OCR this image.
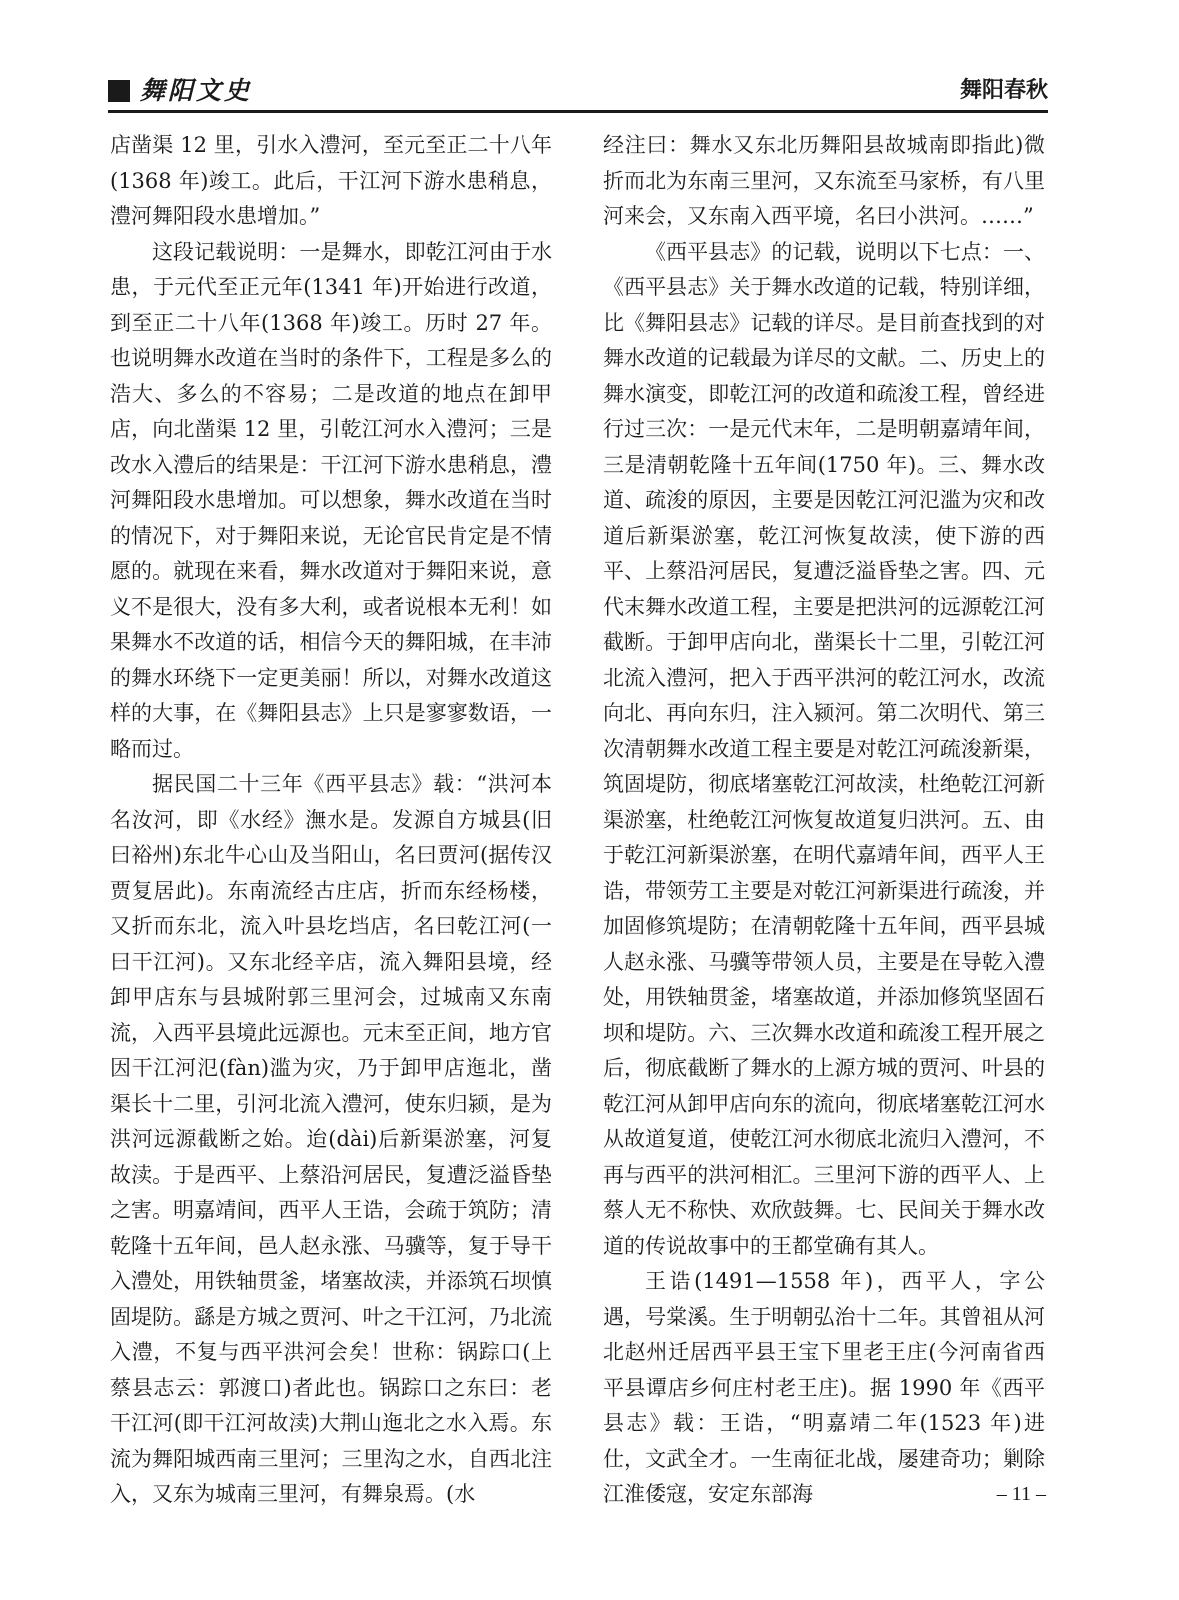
舞阳文史	舞阳春秋

店凿渠 12 里，引水入澧河，至元至正二十八年(1368 年)竣工。此后，干江河下游水患稍息，澧河舞阳段水患增加。”

这段记载说明：一是舞水，即乾江河由于水患，于元代至正元年(1341 年)开始进行改道，到至正二十八年(1368 年)竣工。历时 27 年。也说明舞水改道在当时的条件下，工程是多么的浩大、多么的不容易；二是改道的地点在卸甲店，向北凿渠 12 里，引乾江河水入澧河；三是改水入澧后的结果是：干江河下游水患稍息，澧河舞阳段水患增加。可以想象，舞水改道在当时的情况下，对于舞阳来说，无论官民肯定是不情愿的。就现在来看，舞水改道对于舞阳来说，意义不是很大，没有多大利，或者说根本无利！如果舞水不改道的话，相信今天的舞阳城，在丰沛的舞水环绕下一定更美丽！所以，对舞水改道这样的大事，在《舞阳县志》上只是寥寥数语，一略而过。

据民国二十三年《西平县志》载：“洪河本名汝河，即《水经》潕水是。发源自方城县(旧曰裕州)东北牛心山及当阳山，名曰贾河(据传汉贾复居此)。东南流经古庄店，折而东经杨楼，又折而东北，流入叶县圪垱店，名曰乾江河(一曰干江河)。又东北经辛店，流入舞阳县境，经卸甲店东与县城附郭三里河会，过城南又东南流，入西平县境此远源也。元末至正间，地方官因干江河氾(fàn)滥为灾，乃于卸甲店迤北，凿渠长十二里，引河北流入澧河，使东归颍，是为洪河远源截断之始。迨(dài)后新渠淤塞，河复故渎。于是西平、上蔡沿河居民，复遭泛溢昏垫之害。明嘉靖间，西平人王诰，会疏于筑防；清乾隆十五年间，邑人赵永涨、马骥等，复于导干入澧处，用铁轴贯釜，堵塞故渎，并添筑石坝慎固堤防。繇是方城之贾河、叶之干江河，乃北流入澧，不复与西平洪河会矣！世称：锅踪口(上蔡县志云：郭渡口)者此也。锅踪口之东曰：老干江河(即干江河故渎)大荆山迤北之水入焉。东流为舞阳城西南三里河；三里沟之水，自西北注入，又东为城南三里河，有舞泉焉。(水

经注曰：舞水又东北历舞阳县故城南即指此)微折而北为东南三里河，又东流至马家桥，有八里河来会，又东南入西平境，名曰小洪河。……”

《西平县志》的记载，说明以下七点：一、《西平县志》关于舞水改道的记载，特别详细，比《舞阳县志》记载的详尽。是目前查找到的对舞水改道的记载最为详尽的文献。二、历史上的舞水演变，即乾江河的改道和疏浚工程，曾经进行过三次：一是元代末年，二是明朝嘉靖年间，三是清朝乾隆十五年间(1750 年)。三、舞水改道、疏浚的原因，主要是因乾江河氾滥为灾和改道后新渠淤塞，乾江河恢复故渎，使下游的西平、上蔡沿河居民，复遭泛溢昏垫之害。四、元代末舞水改道工程，主要是把洪河的远源乾江河截断。于卸甲店向北，凿渠长十二里，引乾江河北流入澧河，把入于西平洪河的乾江河水，改流向北、再向东归，注入颍河。第二次明代、第三次清朝舞水改道工程主要是对乾江河疏浚新渠，筑固堤防，彻底堵塞乾江河故渎，杜绝乾江河新渠淤塞，杜绝乾江河恢复故道复归洪河。五、由于乾江河新渠淤塞，在明代嘉靖年间，西平人王诰，带领劳工主要是对乾江河新渠进行疏浚，并加固修筑堤防；在清朝乾隆十五年间，西平县城人赵永涨、马骥等带领人员，主要是在导乾入澧处，用铁轴贯釜，堵塞故道，并添加修筑坚固石坝和堤防。六、三次舞水改道和疏浚工程开展之后，彻底截断了舞水的上源方城的贾河、叶县的乾江河从卸甲店向东的流向，彻底堵塞乾江河水从故道复道，使乾江河水彻底北流归入澧河，不再与西平的洪河相汇。三里河下游的西平人、上蔡人无不称快、欢欣鼓舞。七、民间关于舞水改道的传说故事中的王都堂确有其人。

王诰(1491—1558 年)，西平人，字公遇，号棠溪。生于明朝弘治十二年。其曾祖从河北赵州迁居西平县王宝下里老王庄(今河南省西平县谭店乡何庄村老王庄)。据 1990 年《西平县志》载：王诰，“明嘉靖二年(1523 年)进仕，文武全才。一生南征北战，屡建奇功；剿除江淮倭寇，安定东部海	– 11 –
